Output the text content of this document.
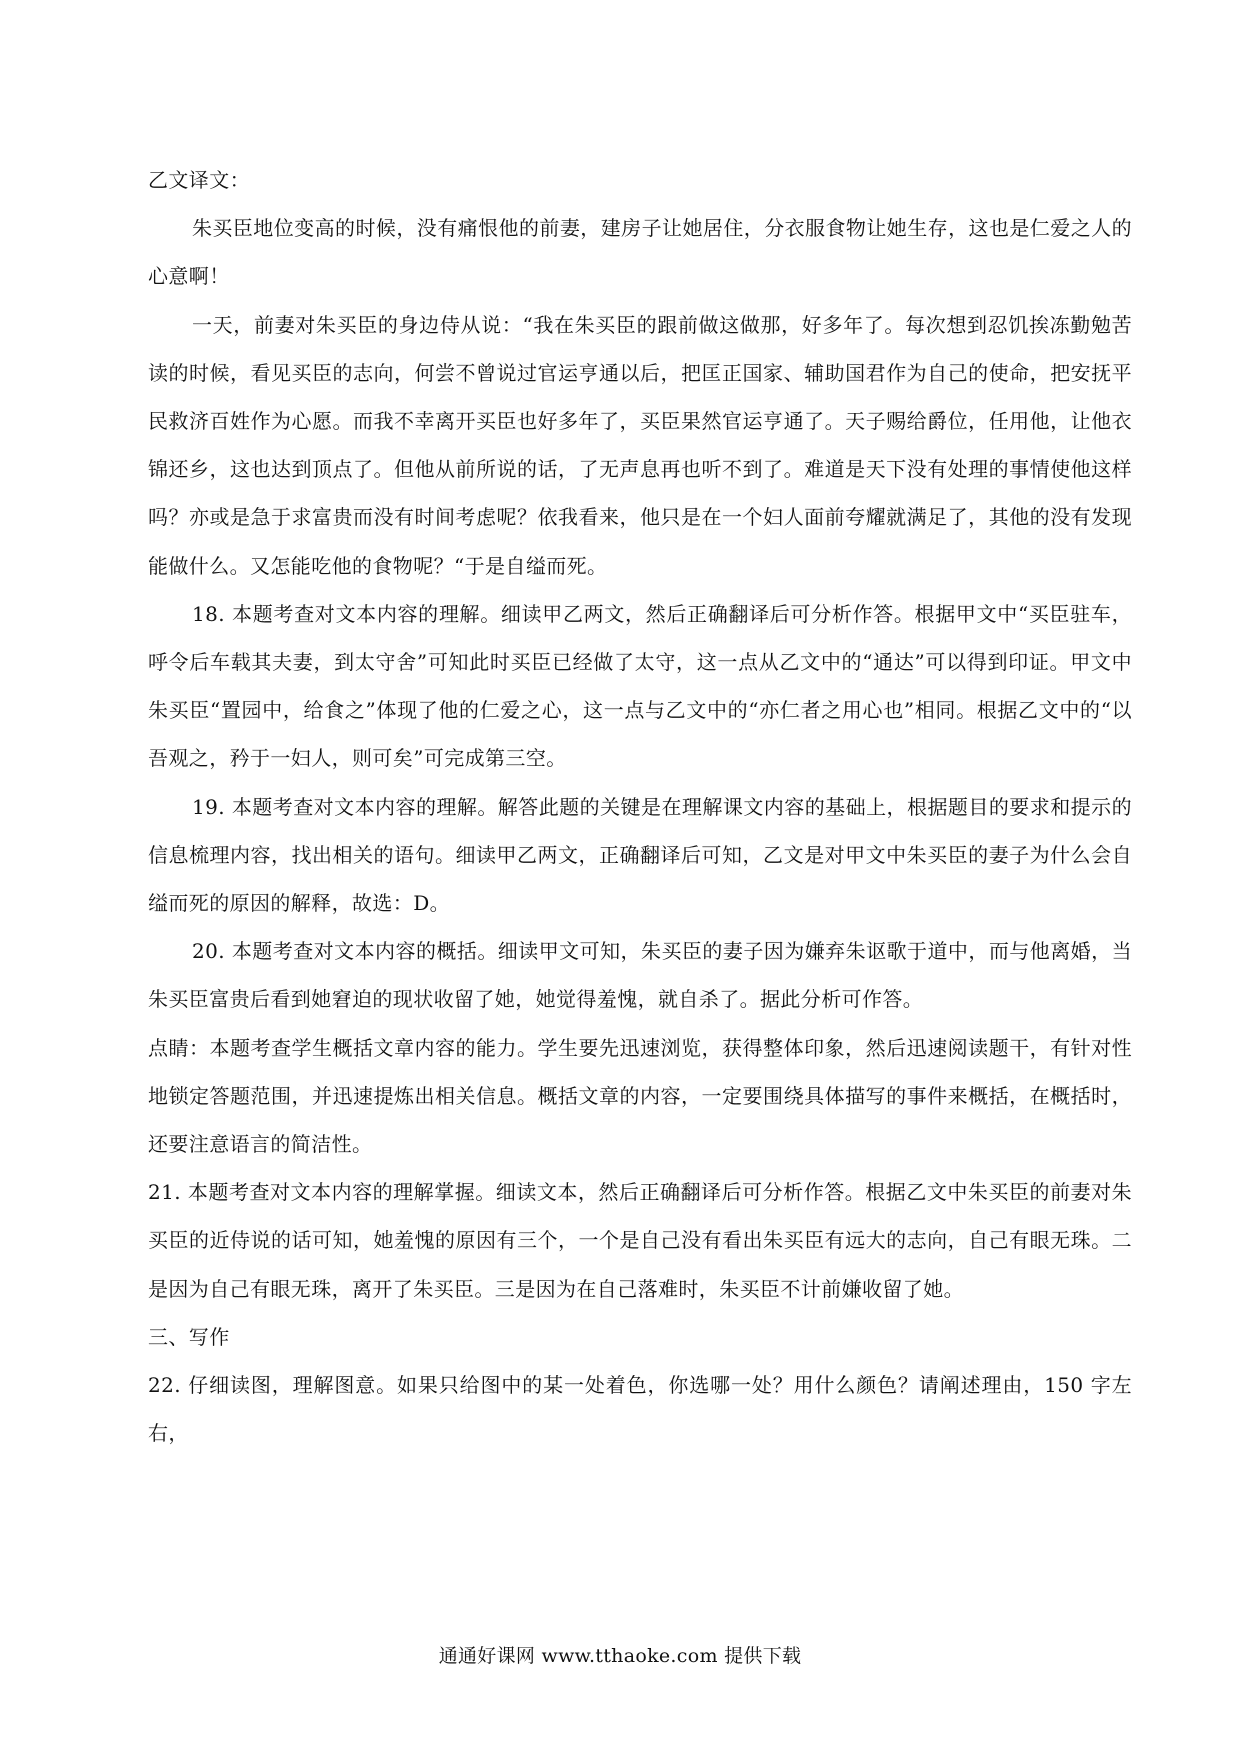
乙文译文：

朱买臣地位变高的时候，没有痛恨他的前妻，建房子让她居住，分衣服食物让她生存，这也是仁爱之人的心意啊！

一天，前妻对朱买臣的身边侍从说：“我在朱买臣的跟前做这做那，好多年了。每次想到忍饥挨冻勤勉苦读的时候，看见买臣的志向，何尝不曾说过官运亨通以后，把匡正国家、辅助国君作为自己的使命，把安抚平民救济百姓作为心愿。而我不幸离开买臣也好多年了，买臣果然官运亨通了。天子赐给爵位，任用他，让他衣锦还乡，这也达到顶点了。但他从前所说的话，了无声息再也听不到了。难道是天下没有处理的事情使他这样吗？亦或是急于求富贵而没有时间考虑呢？依我看来，他只是在一个妇人面前夸耀就满足了，其他的没有发现能做什么。又怎能吃他的食物呢？“于是自缢而死。

18. 本题考查对文本内容的理解。细读甲乙两文，然后正确翻译后可分析作答。根据甲文中“买臣驻车，呼令后车载其夫妻，到太守舍”可知此时买臣已经做了太守，这一点从乙文中的“通达”可以得到印证。甲文中朱买臣“置园中，给食之”体现了他的仁爱之心，这一点与乙文中的“亦仁者之用心也”相同。根据乙文中的“以吾观之，矜于一妇人，则可矣”可完成第三空。

19. 本题考查对文本内容的理解。解答此题的关键是在理解课文内容的基础上，根据题目的要求和提示的信息梳理内容，找出相关的语句。细读甲乙两文，正确翻译后可知，乙文是对甲文中朱买臣的妻子为什么会自缢而死的原因的解释，故选：D。

20. 本题考查对文本内容的概括。细读甲文可知，朱买臣的妻子因为嫌弃朱讴歌于道中，而与他离婚，当朱买臣富贵后看到她窘迫的现状收留了她，她觉得羞愧，就自杀了。据此分析可作答。

点睛：本题考查学生概括文章内容的能力。学生要先迅速浏览，获得整体印象，然后迅速阅读题干，有针对性地锁定答题范围，并迅速提炼出相关信息。概括文章的内容，一定要围绕具体描写的事件来概括，在概括时，还要注意语言的简洁性。

21. 本题考查对文本内容的理解掌握。细读文本，然后正确翻译后可分析作答。根据乙文中朱买臣的前妻对朱买臣的近侍说的话可知，她羞愧的原因有三个，一个是自己没有看出朱买臣有远大的志向，自己有眼无珠。二是因为自己有眼无珠，离开了朱买臣。三是因为在自己落难时，朱买臣不计前嫌收留了她。

三、写作

22. 仔细读图，理解图意。如果只给图中的某一处着色，你选哪一处？用什么颜色？请阐述理由，150 字左右，

通通好课网 www.tthaoke.com 提供下载
